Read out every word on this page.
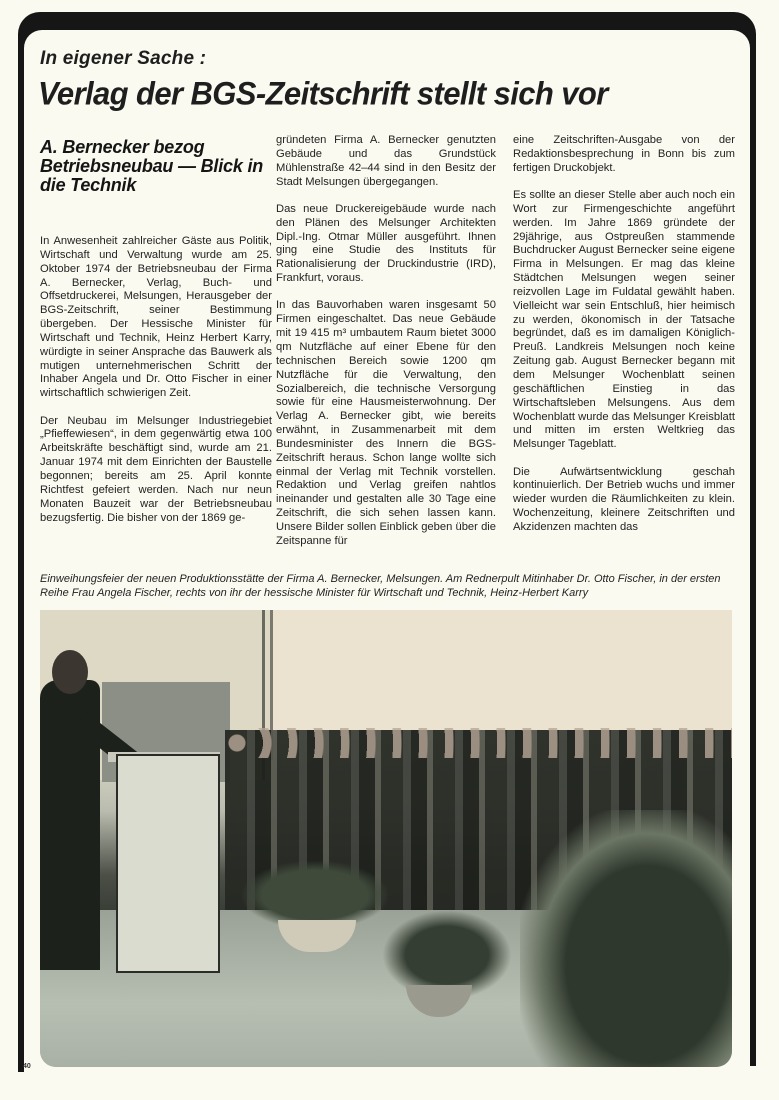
In eigener Sache :
Verlag der BGS-Zeitschrift stellt sich vor

A. Bernecker bezog Betriebsneubau — Blick in die Technik

In Anwesenheit zahlreicher Gäste aus Politik, Wirtschaft und Verwaltung wurde am 25. Oktober 1974 der Betriebsneubau der Firma A. Bernecker, Verlag, Buch- und Offsetdruckerei, Melsungen, Herausgeber der BGS-Zeitschrift, seiner Bestimmung übergeben. Der Hessische Minister für Wirtschaft und Technik, Heinz Herbert Karry, würdigte in seiner Ansprache das Bauwerk als mutigen unternehmerischen Schritt der Inhaber Angela und Dr. Otto Fischer in einer wirtschaftlich schwierigen Zeit.

Der Neubau im Melsunger Industriegebiet „Pfieffewiesen“, in dem gegenwärtig etwa 100 Arbeitskräfte beschäftigt sind, wurde am 21. Januar 1974 mit dem Einrichten der Baustelle begonnen; bereits am 25. April konnte Richtfest gefeiert werden. Nach nur neun Monaten Bauzeit war der Betriebsneubau bezugsfertig. Die bisher von der 1869 ge-

gründeten Firma A. Bernecker genutzten Gebäude und das Grundstück Mühlenstraße 42–44 sind in den Besitz der Stadt Melsungen übergegangen.

Das neue Druckereigebäude wurde nach den Plänen des Melsunger Architekten Dipl.-Ing. Otmar Müller ausgeführt. Ihnen ging eine Studie des Instituts für Rationalisierung der Druckindustrie (IRD), Frankfurt, voraus.

In das Bauvorhaben waren insgesamt 50 Firmen eingeschaltet. Das neue Gebäude mit 19 415 m³ umbautem Raum bietet 3000 qm Nutzfläche auf einer Ebene für den technischen Bereich sowie 1200 qm Nutzfläche für die Verwaltung, den Sozialbereich, die technische Versorgung sowie für eine Hausmeisterwohnung. Der Verlag A. Bernecker gibt, wie bereits erwähnt, in Zusammenarbeit mit dem Bundesminister des Innern die BGS-Zeitschrift heraus. Schon lange wollte sich einmal der Verlag mit Technik vorstellen. Redaktion und Verlag greifen nahtlos ineinander und gestalten alle 30 Tage eine Zeitschrift, die sich sehen lassen kann. Unsere Bilder sollen Einblick geben über die Zeitspanne für

eine Zeitschriften-Ausgabe von der Redaktionsbesprechung in Bonn bis zum fertigen Druckobjekt.

Es sollte an dieser Stelle aber auch noch ein Wort zur Firmengeschichte angeführt werden. Im Jahre 1869 gründete der 29jährige, aus Ostpreußen stammende Buchdrucker August Bernecker seine eigene Firma in Melsungen. Er mag das kleine Städtchen Melsungen wegen seiner reizvollen Lage im Fuldatal gewählt haben. Vielleicht war sein Entschluß, hier heimisch zu werden, ökonomisch in der Tatsache begründet, daß es im damaligen Königlich-Preuß. Landkreis Melsungen noch keine Zeitung gab. August Bernecker begann mit dem Melsunger Wochenblatt seinen geschäftlichen Einstieg in das Wirtschaftsleben Melsungens. Aus dem Wochenblatt wurde das Melsunger Kreisblatt und mitten im ersten Weltkrieg das Melsunger Tageblatt.

Die Aufwärtsentwicklung geschah kontinuierlich. Der Betrieb wuchs und immer wieder wurden die Räumlichkeiten zu klein. Wochenzeitung, kleinere Zeitschriften und Akzidenzen machten das

Einweihungsfeier der neuen Produktionsstätte der Firma A. Bernecker, Melsungen. Am Rednerpult Mitinhaber Dr. Otto Fischer, in der ersten Reihe Frau Angela Fischer, rechts von ihr der hessische Minister für Wirtschaft und Technik, Heinz-Herbert Karry
40
